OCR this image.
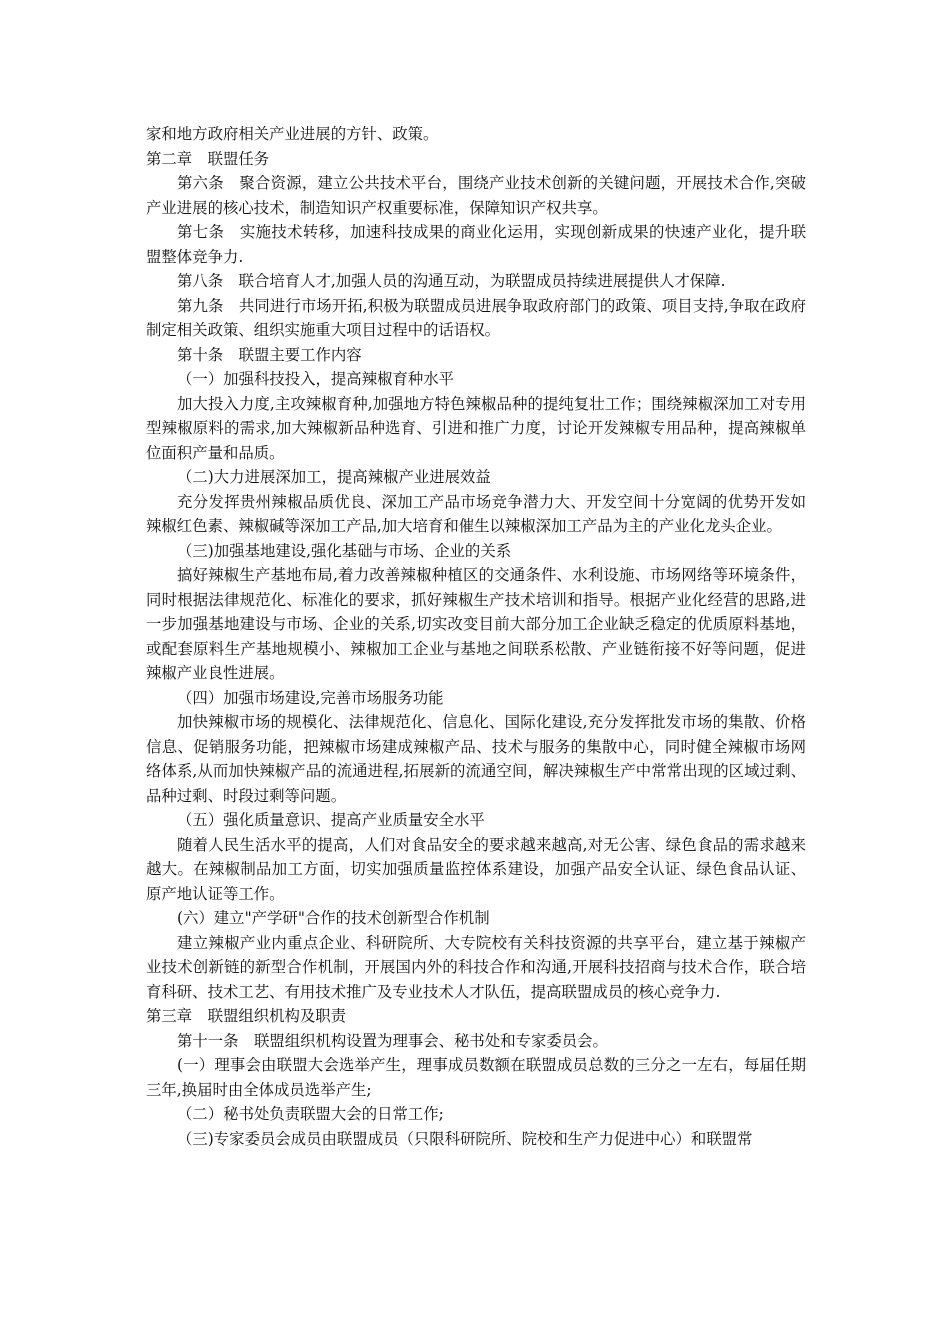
家和地方政府相关产业进展的方针、政策。

第二章　联盟任务

第六条　聚合资源，建立公共技术平台，围绕产业技术创新的关键问题，开展技术合作,突破产业进展的核心技术，制造知识产权重要标准，保障知识产权共享。

第七条　实施技术转移，加速科技成果的商业化运用，实现创新成果的快速产业化，提升联盟整体竞争力.

第八条　联合培育人才,加强人员的沟通互动，为联盟成员持续进展提供人才保障.

第九条　共同进行市场开拓,积极为联盟成员进展争取政府部门的政策、项目支持,争取在政府制定相关政策、组织实施重大项目过程中的话语权。

第十条　联盟主要工作内容

（一）加强科技投入，提高辣椒育种水平

加大投入力度,主攻辣椒育种,加强地方特色辣椒品种的提纯复壮工作；围绕辣椒深加工对专用型辣椒原料的需求,加大辣椒新品种选育、引进和推广力度，讨论开发辣椒专用品种，提高辣椒单位面积产量和品质。

（二)大力进展深加工，提高辣椒产业进展效益

充分发挥贵州辣椒品质优良、深加工产品市场竞争潜力大、开发空间十分宽阔的优势开发如辣椒红色素、辣椒碱等深加工产品,加大培育和催生以辣椒深加工产品为主的产业化龙头企业。

（三)加强基地建设,强化基础与市场、企业的关系

搞好辣椒生产基地布局,着力改善辣椒种植区的交通条件、水利设施、市场网络等环境条件，同时根据法律规范化、标准化的要求，抓好辣椒生产技术培训和指导。根据产业化经营的思路,进一步加强基地建设与市场、企业的关系,切实改变目前大部分加工企业缺乏稳定的优质原料基地，或配套原料生产基地规模小、辣椒加工企业与基地之间联系松散、产业链衔接不好等问题，促进辣椒产业良性进展。

（四）加强市场建设,完善市场服务功能

加快辣椒市场的规模化、法律规范化、信息化、国际化建设,充分发挥批发市场的集散、价格信息、促销服务功能，把辣椒市场建成辣椒产品、技术与服务的集散中心，同时健全辣椒市场网络体系,从而加快辣椒产品的流通进程,拓展新的流通空间，解决辣椒生产中常常出现的区域过剩、品种过剩、时段过剩等问题。

（五）强化质量意识、提高产业质量安全水平

随着人民生活水平的提高，人们对食品安全的要求越来越高,对无公害、绿色食品的需求越来越大。在辣椒制品加工方面，切实加强质量监控体系建设，加强产品安全认证、绿色食品认证、原产地认证等工作。

(六）建立"产学研"合作的技术创新型合作机制

建立辣椒产业内重点企业、科研院所、大专院校有关科技资源的共享平台，建立基于辣椒产业技术创新链的新型合作机制，开展国内外的科技合作和沟通,开展科技招商与技术合作，联合培育科研、技术工艺、有用技术推广及专业技术人才队伍，提高联盟成员的核心竞争力.

第三章　联盟组织机构及职责

第十一条　联盟组织机构设置为理事会、秘书处和专家委员会。

(一）理事会由联盟大会选举产生，理事成员数额在联盟成员总数的三分之一左右，每届任期三年,换届时由全体成员选举产生;

（二）秘书处负责联盟大会的日常工作;

（三)专家委员会成员由联盟成员（只限科研院所、院校和生产力促进中心）和联盟常
